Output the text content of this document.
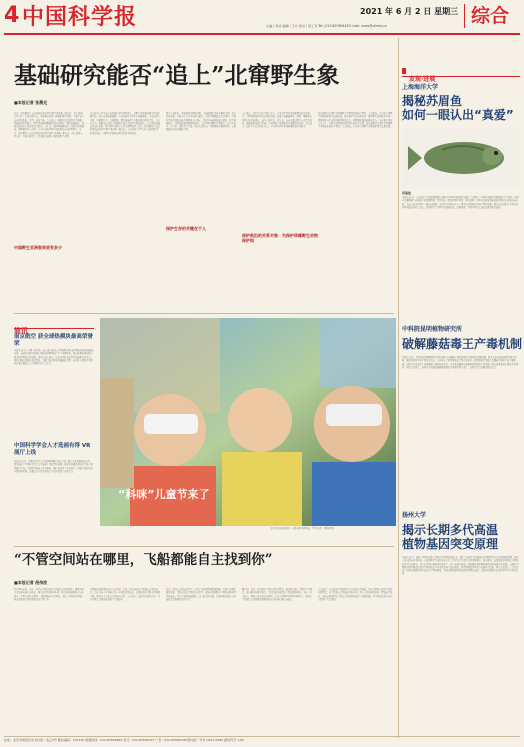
4 中国科学报	2021 年 6 月 2 日 星期三 综合
主编 / 肖洁 编辑 / 王方 校对 / 何工苏 Tel: (010)62580618 E-mail: news@stimes.cn
基础研究能否“追上”北窜野生象
■本报记者 张晨光
近日，原本栖息在云南西双版纳的15头野生亚洲象一路北迁，进入昆明市晋宁区，引发全球关注。亚洲象是我国一级保护野生动物，主要分布在云南西双版纳、普洱、临沧等地。专家表示，象群北迁的原因尚不明确，基础研究亟需跟上。野生亚洲象种群数量的持续增长，栖息地破碎化，食物资源变化等都可能是其原因。多年来，我国亚洲象保护工作取得显著成效，种群数量由上世纪八十年代的约180头增加到目前的约300头。近日，原本栖息在云南西双版纳的15头野生亚洲象一路北迁，进入昆明市晋宁区，引发全球关注。亚洲象是我国一级保护野生动物。
中国野生亚洲象到底有多少
北京林业大学生态与自然保护学院教授表示，对野生亚洲象的研究仍然不够系统，缺少长期监测数据。当前的研究多集中在种群数量、分布范围等方面，对象群行为、迁移规律、栖息地选择等方面的研究明显不足。有专家认为，象群北迁反映了基础研究滞后于保护实践的现实。专家建议加强长期定位监测，建立野生动物与人冲突预警机制。近日，原本栖息在云南西双版纳的15头野生亚洲象一路北迁。北京林业大学生态与自然保护学院教授表示，对野生亚洲象的研究仍然不够系统。
研究人员指出，亚洲象属于群居动物，家族群通常由成年雌象带领。对它们的取食、迁移与社会行为的深入研究，有助于理解此次北迁事件。中国科学院西双版纳热带植物园专家表示，保护区内森林郁闭度增加，林下植被减少，可能导致亚洲象食物短缺。专家呼吁开展跨学科研究，综合生态学、行为学、遗传学等手段。研究人员指出，亚洲象属于群居动物，家族群通常由成年雌象带领。
保护生存的关键在于人
专家表示，保护生存的关键在于人。应当科学评估亚洲象栖息地的承载力，合理规划保护区的范围和功能，加强生态廊道建设。同时，要做好社区居民的宣传教育，减少人象冲突。近年来，云南省通过建立公众责任保险、修建防象设施等措施，有效降低了亚洲象对当地群众的影响。专家表示，保护生存的关键在于人。应当科学评估亚洲象栖息地的承载力。
保护前沿的关系对象：为保护珍稀野生动物保护网
此次象群北迁事件为我国野生动物保护敲响了警钟。专家建议，应尽快完善野生动物保护相关法律法规，建立健全生态补偿机制，推动野生动物保护由单一物种保护向生态系统整体保护转变。同时要加强基础研究投入，培养相关领域专业人才，为野生动物保护提供坚实的科学支撑。此次象群北迁事件为我国野生动物保护敲响了警钟。专家建议，应尽快完善野生动物保护相关法律法规。
简讯
南京航空 获全球热模块最高荣誉荣
本报讯 近日，中国工程院院士南京航空航天大学某研究团队获得国际热能领域最高荣誉。该团队的研究成果在国际热管理领域产生了重要影响，研究成果将推动航空航天热管理技术的发展。团队负责人表示，这是对团队长期坚持基础研究的肯定。团队将继续深耕热科学领域，为航空航天事业发展贡献力量。该团队在国际学术期刊发表多篇论文，得到同行的广泛关注。
中国科学学会人才选画有得 VR 展厅上线
本报讯 近日，中国科学学会人才选画VR展厅正式上线。展厅采用虚拟现实技术，集中展示了中国科学学会人才选画工作取得的成果。观众可以通过网络足不出户浏览展厅内容，了解优秀科技人才的事迹。展厅还设置了互动环节，增强了观众的参与感和体验感。该展厅的上线为科技人才宣传提供了新的平台。
“科咪”儿童节来了
第六届科普活动现场，小朋友体验VR科技。图片来源：中国科学院
“不管空间站在哪里，飞船都能自主找到你”
■本报记者 倪伟波
5月30日凌晨，天舟二号货运飞船采用自主快速交会对接模式，精准对接于天和核心舱后向端口，整个过程历时约8小时。航天员和地面研究人员表示，不管空间站在哪里，飞船都能自主找到你。天舟二号的成功对接，标志着我国空间站建设迈出关键一步。
中国航天科技集团五院专家介绍，天舟二号采用的自主快速交会对接技术，是在天舟一号基础上进一步优化改进而来。这项技术使飞船无需地面干预，即可自主完成交会对接全过程。专家表示，该技术的成功应用，为后续载人飞船对接积累了宝贵经验。
天舟二号的交会对接过程中，应用了多种新型测量敏感器，实现了高精度相对导航。飞船在接近空间站的过程中，能够实时测量与空间站的相对位置和姿态，并自主规划对接路线。这一技术的突破，使我国航天器交会对接能力达到国际先进水平。
据介绍，天舟二号共携带了航天员生活物资、舱外航天服、空间站平台物资、部分载荷和推进剂等，为后续航天员进驻空间站做好准备。天舟二号入轨后，顺利完成入轨状态设置，于北京时间5月30日5时01分，采用自主快速交会对接模式精准对接于天和核心舱后向端口。
专家表示，未来我国空间站将进入常态化运营阶段，货运飞船将定期为空间站补给物资。自主快速交会对接技术的应用，将大大提高补给效率，降低运营成本。这标志着我国在空间交会对接领域取得了重要进展，为空间站长期在轨运行提供了有力保障。
发现·进展
上海海洋大学
揭秘苏眉鱼
如何一眼认出“真爱”
苏眉鱼
本报讯 近日，上海海洋大学教授课题组在国际学术期刊发表研究成果，首次揭示了苏眉鱼视觉识别配偶的分子机制。苏眉鱼是珊瑚礁生态系统中的重要物种，也是国家一级保护野生动物。研究发现，苏眉鱼的视觉系统能够识别特定的体色和花纹，从而在众多同类中一眼认出配偶。该研究为苏眉鱼的人工繁育和资源保护提供了理论依据。研究人员利用行为学实验和基因表达分析等方法，系统研究了苏眉鱼的视觉偏好。结果表明，苏眉鱼对特定波长的光线更为敏感。
中科院昆明植物研究所
破解藤菇毒王产毒机制
本报讯 近日，中科院昆明植物研究所研究团队在毒蘑菇产毒机制研究方面取得重要进展。研究人员以致命鹅膏为研究对象，通过基因组学和生物化学方法，首次揭示了鹅膏毒肽的生物合成途径。鹅膏毒肽是导致人类蘑菇中毒死亡的主要毒素。该研究不仅加深了对毒蘑菇产毒机制的认识，也为开发蘑菇中毒解毒药物提供了新思路。研究成果发表于国际学术期刊。研究人员表示，我国每年因误食毒蘑菇导致的中毒事件时有发生，该研究具有重要的现实意义。
扬州大学
揭示长期多代高温
植物基因突变原理
本报讯 近日，扬州大学研究团队在国际学术期刊发表论文，揭示了长期多代高温胁迫下植物基因突变的规律和原理。研究人员以拟南芥为材料，在高温条件下连续培养多代，并对其后代进行全基因组测序。研究发现，长期高温显著提高了植物的基因突变频率，且突变类型以单碱基替换为主。进一步研究表明，高温通过影响DNA修复机制导致突变积累。该研究为理解全球气候变暖背景下植物的适应性进化提供了新的视角，对作物耐热育种具有重要参考价值。研究人员表示，后续将进一步探索高温诱导突变的分子调控网络，为培育耐高温作物品种提供理论支撑。该研究得到国家自然科学基金等项目资助。
社址：北京市海淀区中关村南一条乙3号 邮政编码：100190 新闻热线：010-62580699 发行：010-62580707 广告：010-62580708 国内统一刊号 CN11-0084 邮发代号 1-82
